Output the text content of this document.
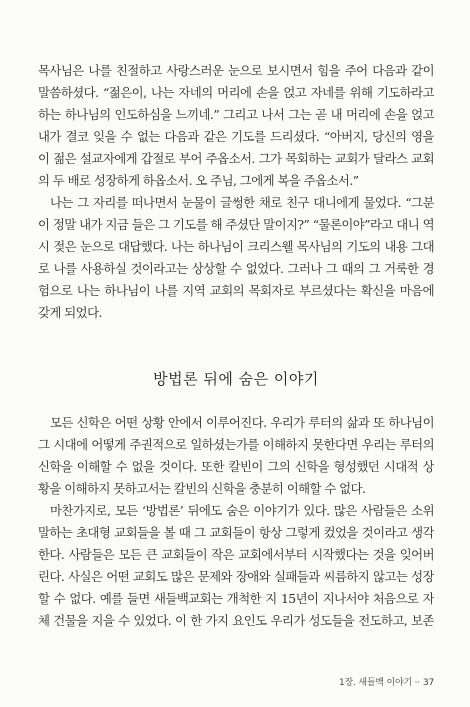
목사님은 나를 친절하고 사랑스러운 눈으로 보시면서 힘을 주어 다음과 같이
말씀하셨다. “젊은이, 나는 자네의 머리에 손을 얹고 자네를 위해 기도하라고
하는 하나님의 인도하심을 느끼네.” 그리고 나서 그는 곧 내 머리에 손을 얹고
내가 결코 잊을 수 없는 다음과 같은 기도를 드리셨다. “아버지, 당신의 영을
이 젊은 설교자에게 갑절로 부어 주옵소서. 그가 목회하는 교회가 달라스 교회
의 두 배로 성장하게 하옵소서. 오 주님, 그에게 복을 주옵소서.”
나는 그 자리를 떠나면서 눈물이 글썽한 채로 친구 대니에게 물었다. “그분
이 정말 내가 지금 들은 그 기도를 해 주셨단 말이지?” “물론이야”라고 대니 역
시 젖은 눈으로 대답했다. 나는 하나님이 크리스웰 목사님의 기도의 내용 그대
로 나를 사용하실 것이라고는 상상할 수 없었다. 그러나 그 때의 그 거룩한 경
험으로 나는 하나님이 나를 지역 교회의 목회자로 부르셨다는 확신을 마음에
갖게 되었다.
방법론 뒤에 숨은 이야기
모든 신학은 어떤 상황 안에서 이루어진다. 우리가 루터의 삶과 또 하나님이
그 시대에 어떻게 주권적으로 일하셨는가를 이해하지 못한다면 우리는 루터의
신학을 이해할 수 없을 것이다. 또한 칼빈이 그의 신학을 형성했던 시대적 상
황을 이해하지 못하고서는 칼빈의 신학을 충분히 이해할 수 없다.
마찬가지로, 모든 ‘방법론’ 뒤에도 숨은 이야기가 있다. 많은 사람들은 소위
말하는 초대형 교회들을 볼 때 그 교회들이 항상 그렇게 컸었을 것이라고 생각
한다. 사람들은 모든 큰 교회들이 작은 교회에서부터 시작했다는 것을 잊어버
린다. 사실은 어떤 교회도 많은 문제와 장애와 실패들과 씨름하지 않고는 성장
할 수 없다. 예를 들면 새들백교회는 개척한 지 15년이 지나서야 처음으로 자
체 건물을 지을 수 있었다. 이 한 가지 요인도 우리가 성도들을 전도하고, 보존
1장. 새들백 이야기 ·· 37
